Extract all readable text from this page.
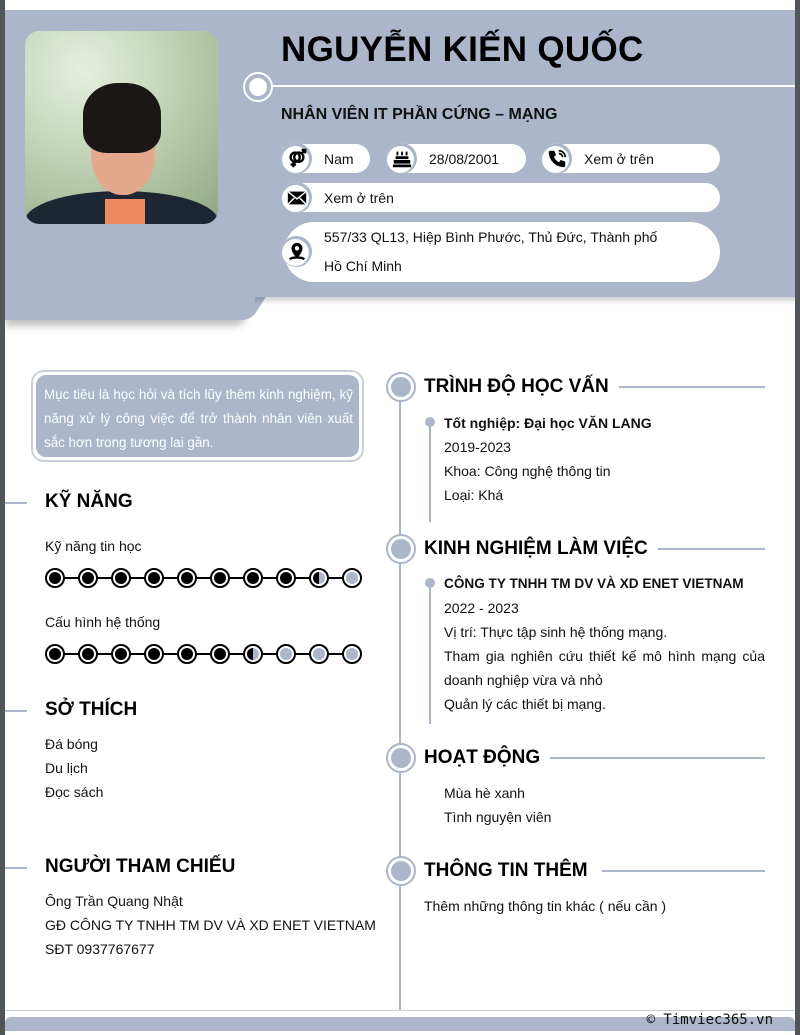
NGUYỄN KIẾN QUỐC
NHÂN VIÊN IT PHẦN CỨNG – MẠNG
Nam	28/08/2001	Xem ở trên
Xem ở trên
557/33 QL13, Hiệp Bình Phước, Thủ Đức, Thành phố
Hồ Chí Minh
Mục tiêu là học hỏi và tích lũy thêm kinh nghiệm, kỹ năng xử lý công việc để trở thành nhân viên xuất sắc hơn trong tương lai gần.
KỸ NĂNG
Kỹ năng tin học
Cấu hình hệ thống
SỞ THÍCH
Đá bóng
Du lịch
Đọc sách
NGƯỜI THAM CHIẾU
Ông Trần Quang Nhật
GĐ CÔNG TY TNHH TM DV VÀ XD ENET VIETNAM
SĐT 0937767677
TRÌNH ĐỘ HỌC VẤN
Tốt nghiệp: Đại học VĂN LANG
2019-2023
Khoa: Công nghệ thông tin
Loại: Khá
KINH NGHIỆM LÀM VIỆC
CÔNG TY TNHH TM DV VÀ XD ENET VIETNAM
2022 - 2023
Vị trí: Thực tập sinh hệ thống mạng.
Tham gia nghiên cứu thiết kế mô hình mạng của doanh nghiệp vừa và nhỏ
Quản lý các thiết bị mạng.
HOẠT ĐỘNG
Mùa hè xanh
Tình nguyện viên
THÔNG TIN THÊM
Thêm những thông tin khác ( nếu cần )
© Timviec365.vn
